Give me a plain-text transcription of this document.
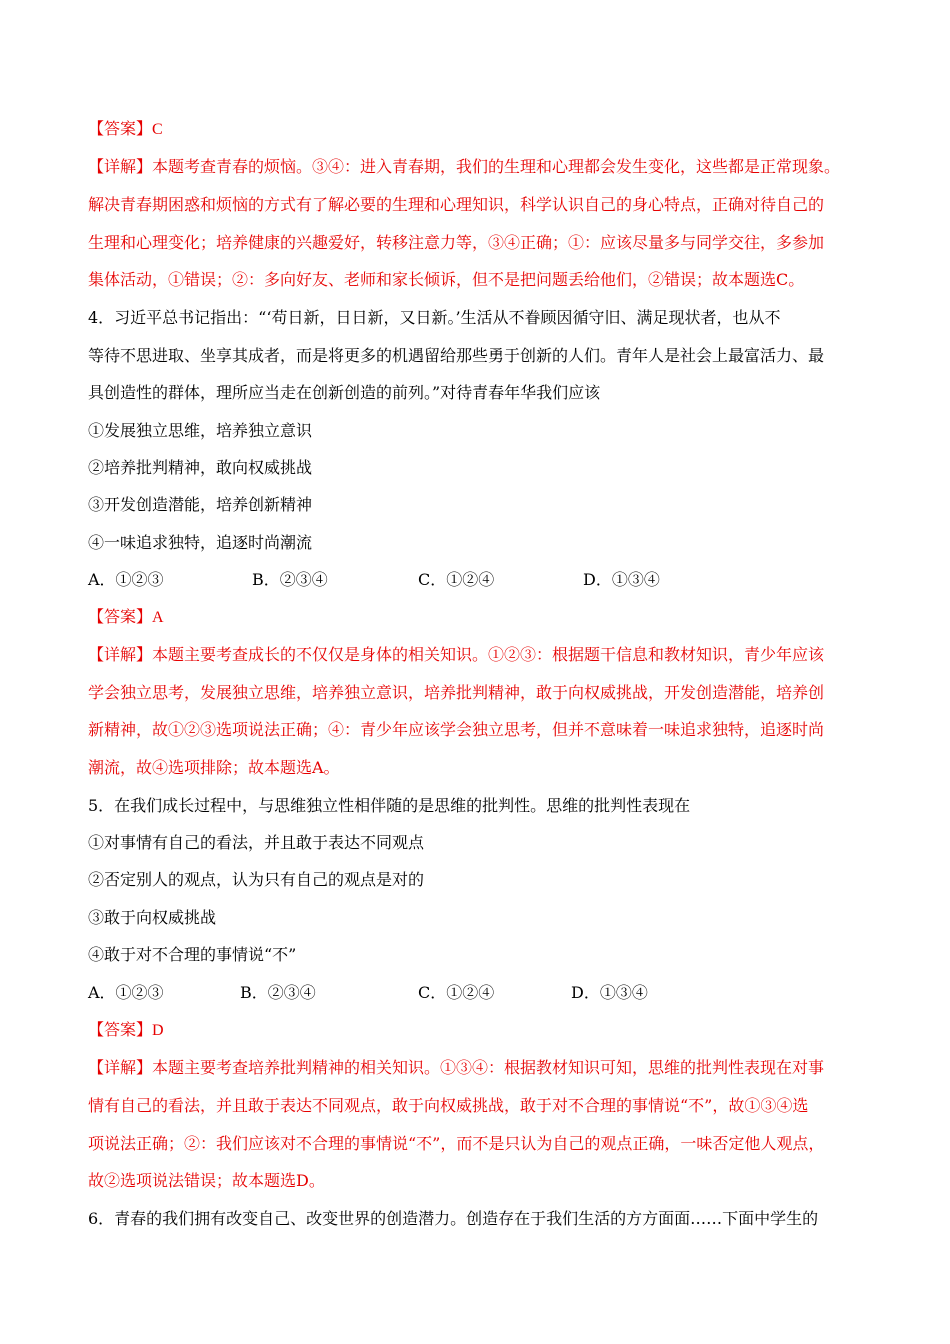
【答案】C
【详解】本题考查青春的烦恼。③④：进入青春期，我们的生理和心理都会发生变化，这些都是正常现象。
解决青春期困惑和烦恼的方式有了解必要的生理和心理知识，科学认识自己的身心特点，正确对待自己的
生理和心理变化；培养健康的兴趣爱好，转移注意力等，③④正确；①：应该尽量多与同学交往，多参加
集体活动，①错误；②：多向好友、老师和家长倾诉，但不是把问题丢给他们，②错误；故本题选C。
4．习近平总书记指出：“‘苟日新，日日新，又日新。’生活从不眷顾因循守旧、满足现状者，也从不
等待不思进取、坐享其成者，而是将更多的机遇留给那些勇于创新的人们。青年人是社会上最富活力、最
具创造性的群体，理所应当走在创新创造的前列。”对待青春年华我们应该
①发展独立思维，培养独立意识
②培养批判精神，敢向权威挑战
③开发创造潜能，培养创新精神
④一味追求独特，追逐时尚潮流
A．①②③	B．②③④	C．①②④	D．①③④
【答案】A
【详解】本题主要考查成长的不仅仅是身体的相关知识。①②③：根据题干信息和教材知识，青少年应该
学会独立思考，发展独立思维，培养独立意识，培养批判精神，敢于向权威挑战，开发创造潜能，培养创
新精神，故①②③选项说法正确；④：青少年应该学会独立思考，但并不意味着一味追求独特，追逐时尚
潮流，故④选项排除；故本题选A。
5．在我们成长过程中，与思维独立性相伴随的是思维的批判性。思维的批判性表现在
①对事情有自己的看法，并且敢于表达不同观点
②否定别人的观点，认为只有自己的观点是对的
③敢于向权威挑战
④敢于对不合理的事情说“不”
A．①②③	B．②③④	C．①②④	D．①③④
【答案】D
【详解】本题主要考查培养批判精神的相关知识。①③④：根据教材知识可知，思维的批判性表现在对事
情有自己的看法，并且敢于表达不同观点，敢于向权威挑战，敢于对不合理的事情说“不”，故①③④选
项说法正确；②：我们应该对不合理的事情说“不”，而不是只认为自己的观点正确，一味否定他人观点，
故②选项说法错误；故本题选D。
6．青春的我们拥有改变自己、改变世界的创造潜力。创造存在于我们生活的方方面面……下面中学生的
